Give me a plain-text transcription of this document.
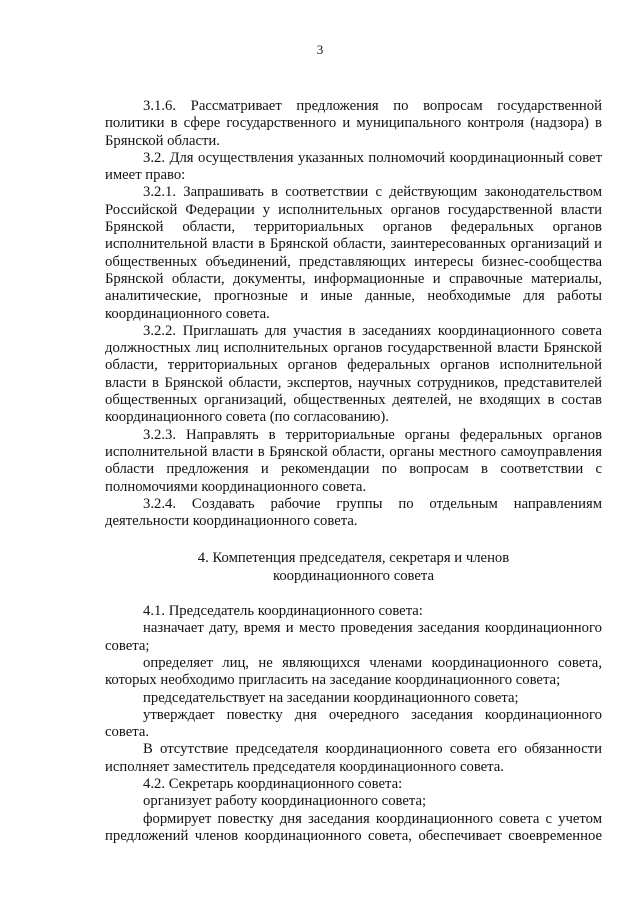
3

3.1.6. Рассматривает предложения по вопросам государственной политики в сфере государственного и муниципального контроля (надзора) в Брянской области.

3.2. Для осуществления указанных полномочий координационный совет имеет право:

3.2.1. Запрашивать в соответствии с действующим законодательством Российской Федерации у исполнительных органов государственной власти Брянской области, территориальных органов федеральных органов исполнительной власти в Брянской области, заинтересованных организаций и общественных объединений, представляющих интересы бизнес-сообщества Брянской области, документы, информационные и справочные материалы, аналитические, прогнозные и иные данные, необходимые для работы координационного совета.

3.2.2. Приглашать для участия в заседаниях координационного совета должностных лиц исполнительных органов государственной власти Брянской области, территориальных органов федеральных органов исполнительной власти в Брянской области, экспертов, научных сотрудников, представителей общественных организаций, общественных деятелей, не входящих в состав координационного совета (по согласованию).

3.2.3. Направлять в территориальные органы федеральных органов исполнительной власти в Брянской области, органы местного самоуправления области предложения и рекомендации по вопросам в соответствии с полномочиями координационного совета.

3.2.4. Создавать рабочие группы по отдельным направлениям деятельности координационного совета.

4. Компетенция председателя, секретаря и членов

координационного совета

4.1. Председатель координационного совета:

назначает дату, время и место проведения заседания координационного совета;

определяет лиц, не являющихся членами координационного совета, которых необходимо пригласить на заседание координационного совета;

председательствует на заседании координационного совета;

утверждает повестку дня очередного заседания координационного совета.

В отсутствие председателя координационного совета его обязанности исполняет заместитель председателя координационного совета.

4.2. Секретарь координационного совета:

организует работу координационного совета;

формирует повестку дня заседания координационного совета с учетом предложений членов координационного совета, обеспечивает своевременное
